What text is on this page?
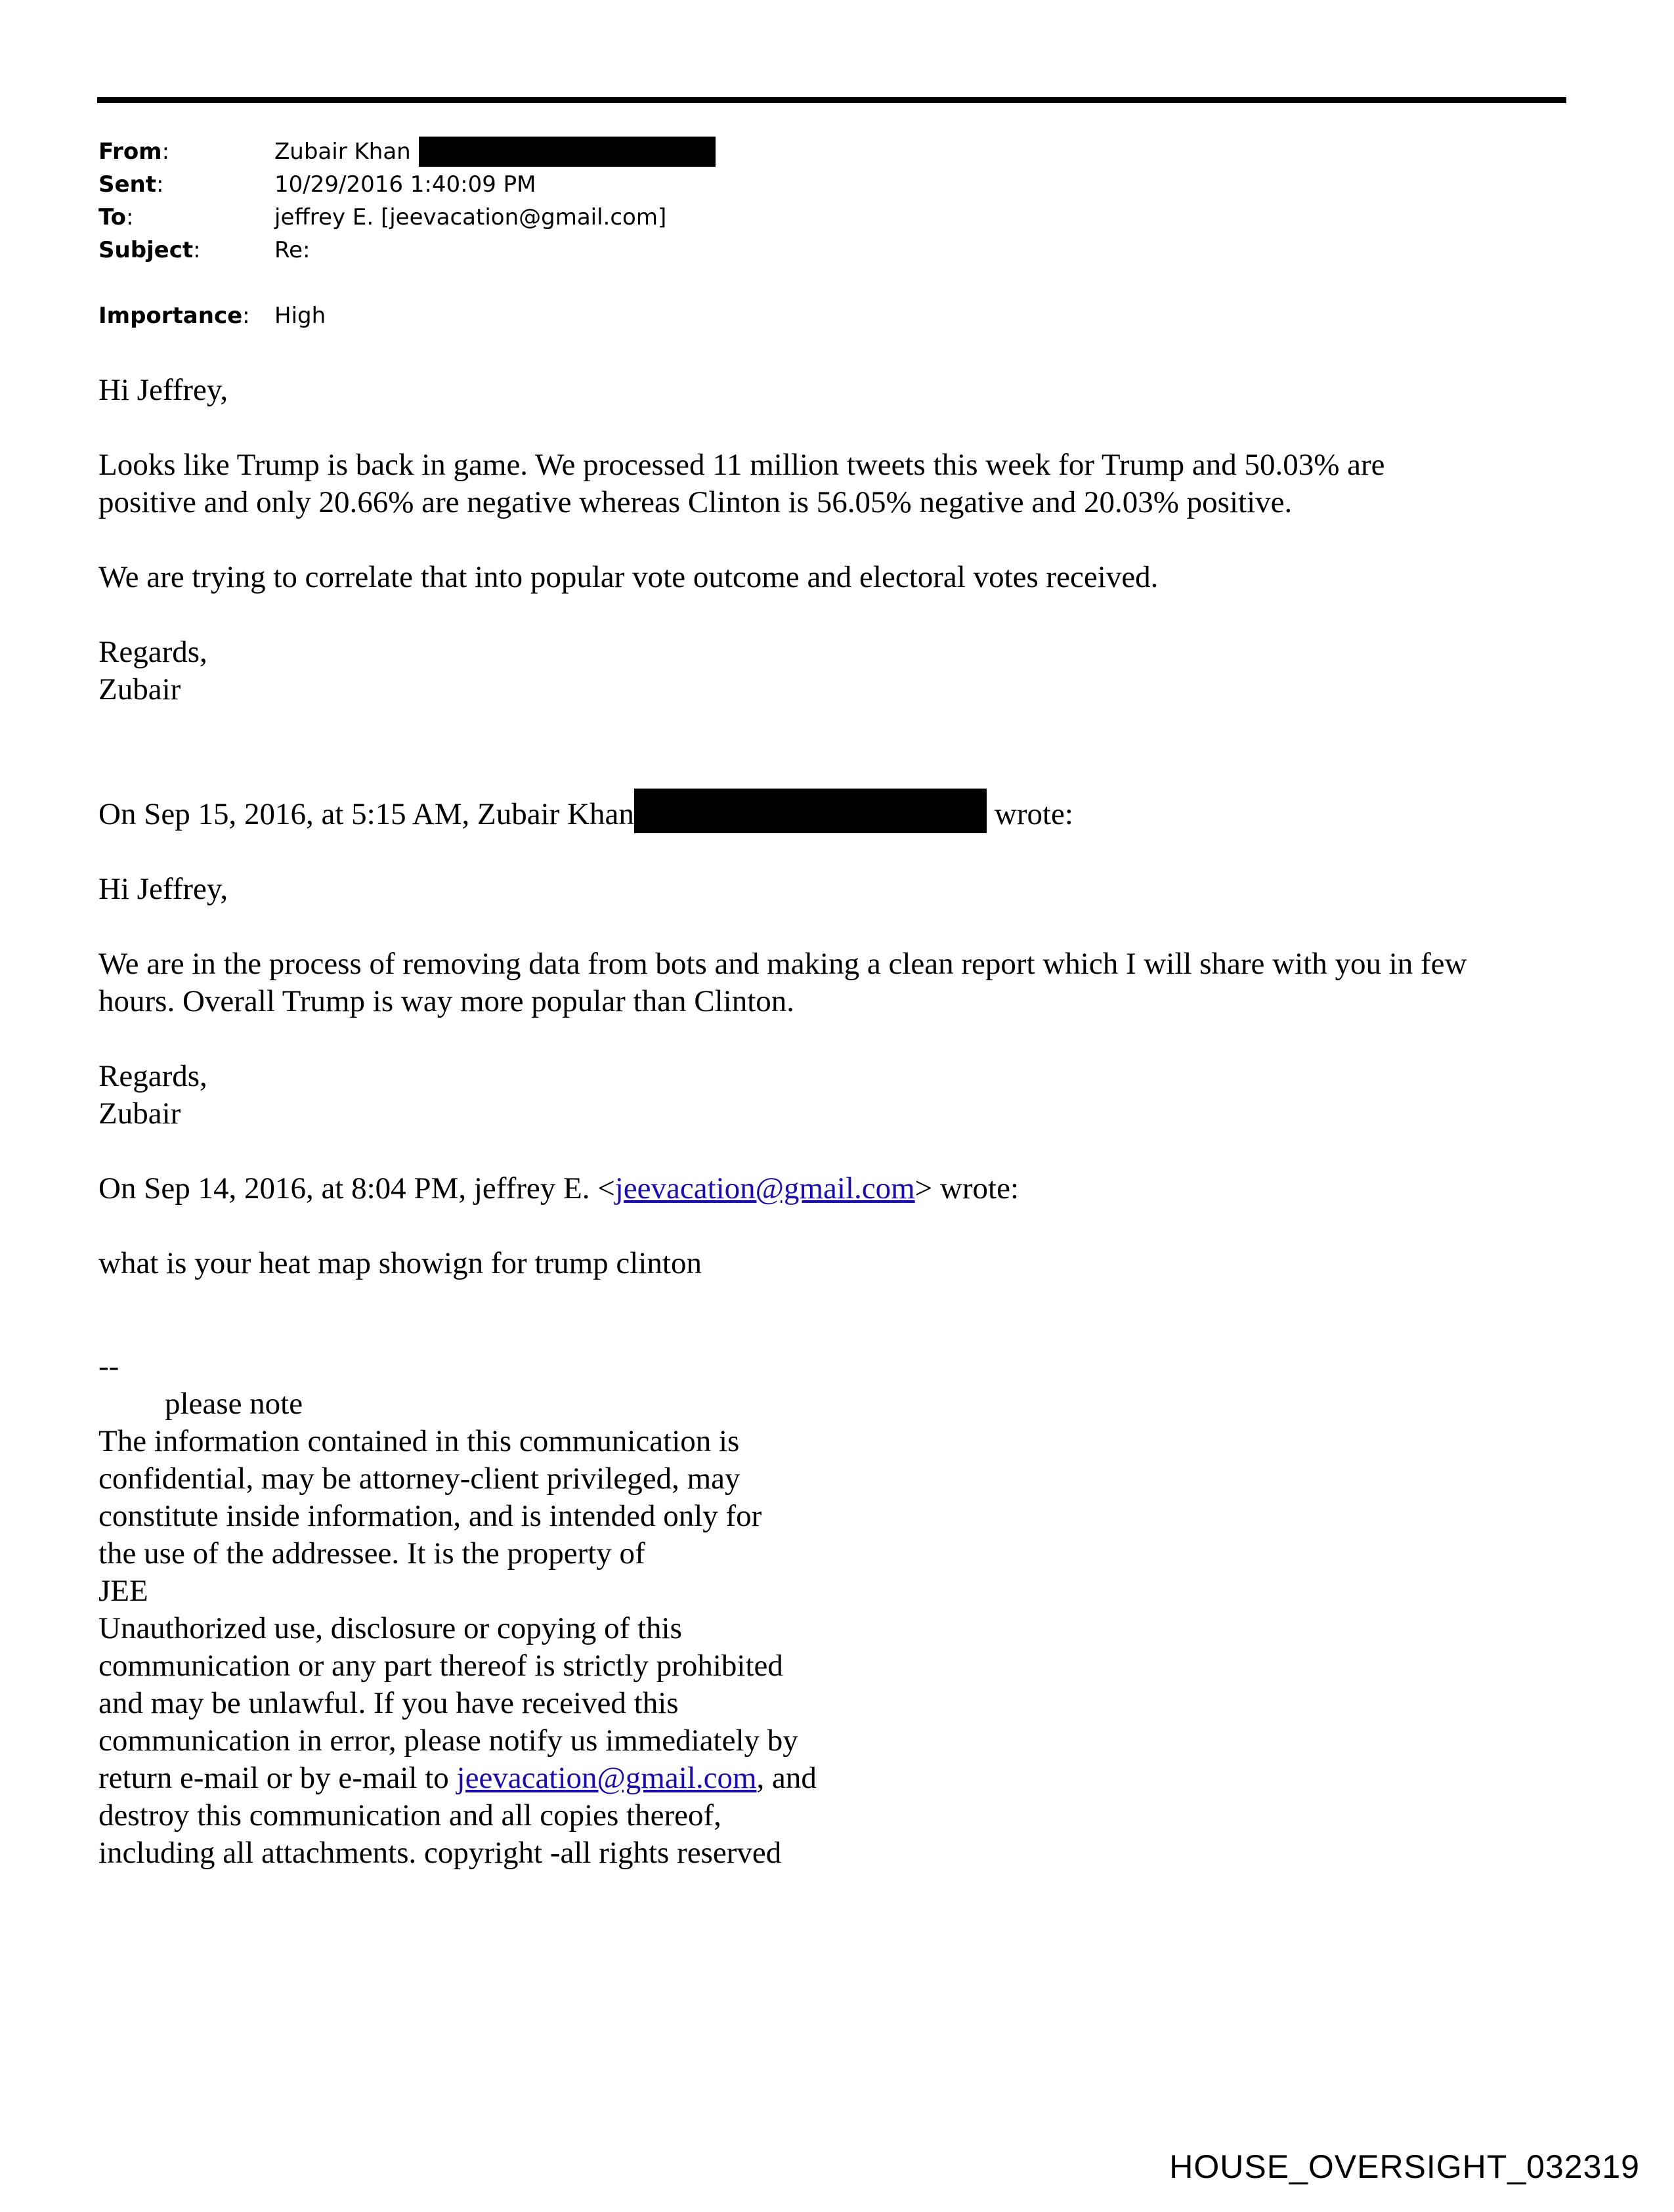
From:	Zubair Khan
Sent:	10/29/2016 1:40:09 PM
To:	jeffrey E. [jeevacation@gmail.com]
Subject:	Re:
Importance:	High

Hi Jeffrey,

Looks like Trump is back in game. We processed 11 million tweets this week for Trump and 50.03% are

positive and only 20.66% are negative whereas Clinton is 56.05% negative and 20.03% positive.

We are trying to correlate that into popular vote outcome and electoral votes received.

Regards,

Zubair

On Sep 15, 2016, at 5:15 AM, Zubair Khan	wrote:

Hi Jeffrey,

We are in the process of removing data from bots and making a clean report which I will share with you in few

hours. Overall Trump is way more popular than Clinton.

Regards,

Zubair

On Sep 14, 2016, at 8:04 PM, jeffrey E. <jeevacation@gmail.com> wrote:

what is your heat map showign for trump clinton

--

please note

The information contained in this communication is

confidential, may be attorney-client privileged, may

constitute inside information, and is intended only for

the use of the addressee. It is the property of

JEE

Unauthorized use, disclosure or copying of this

communication or any part thereof is strictly prohibited

and may be unlawful. If you have received this

communication in error, please notify us immediately by

return e-mail or by e-mail to jeevacation@gmail.com, and

destroy this communication and all copies thereof,

including all attachments. copyright -all rights reserved

HOUSE_OVERSIGHT_032319
